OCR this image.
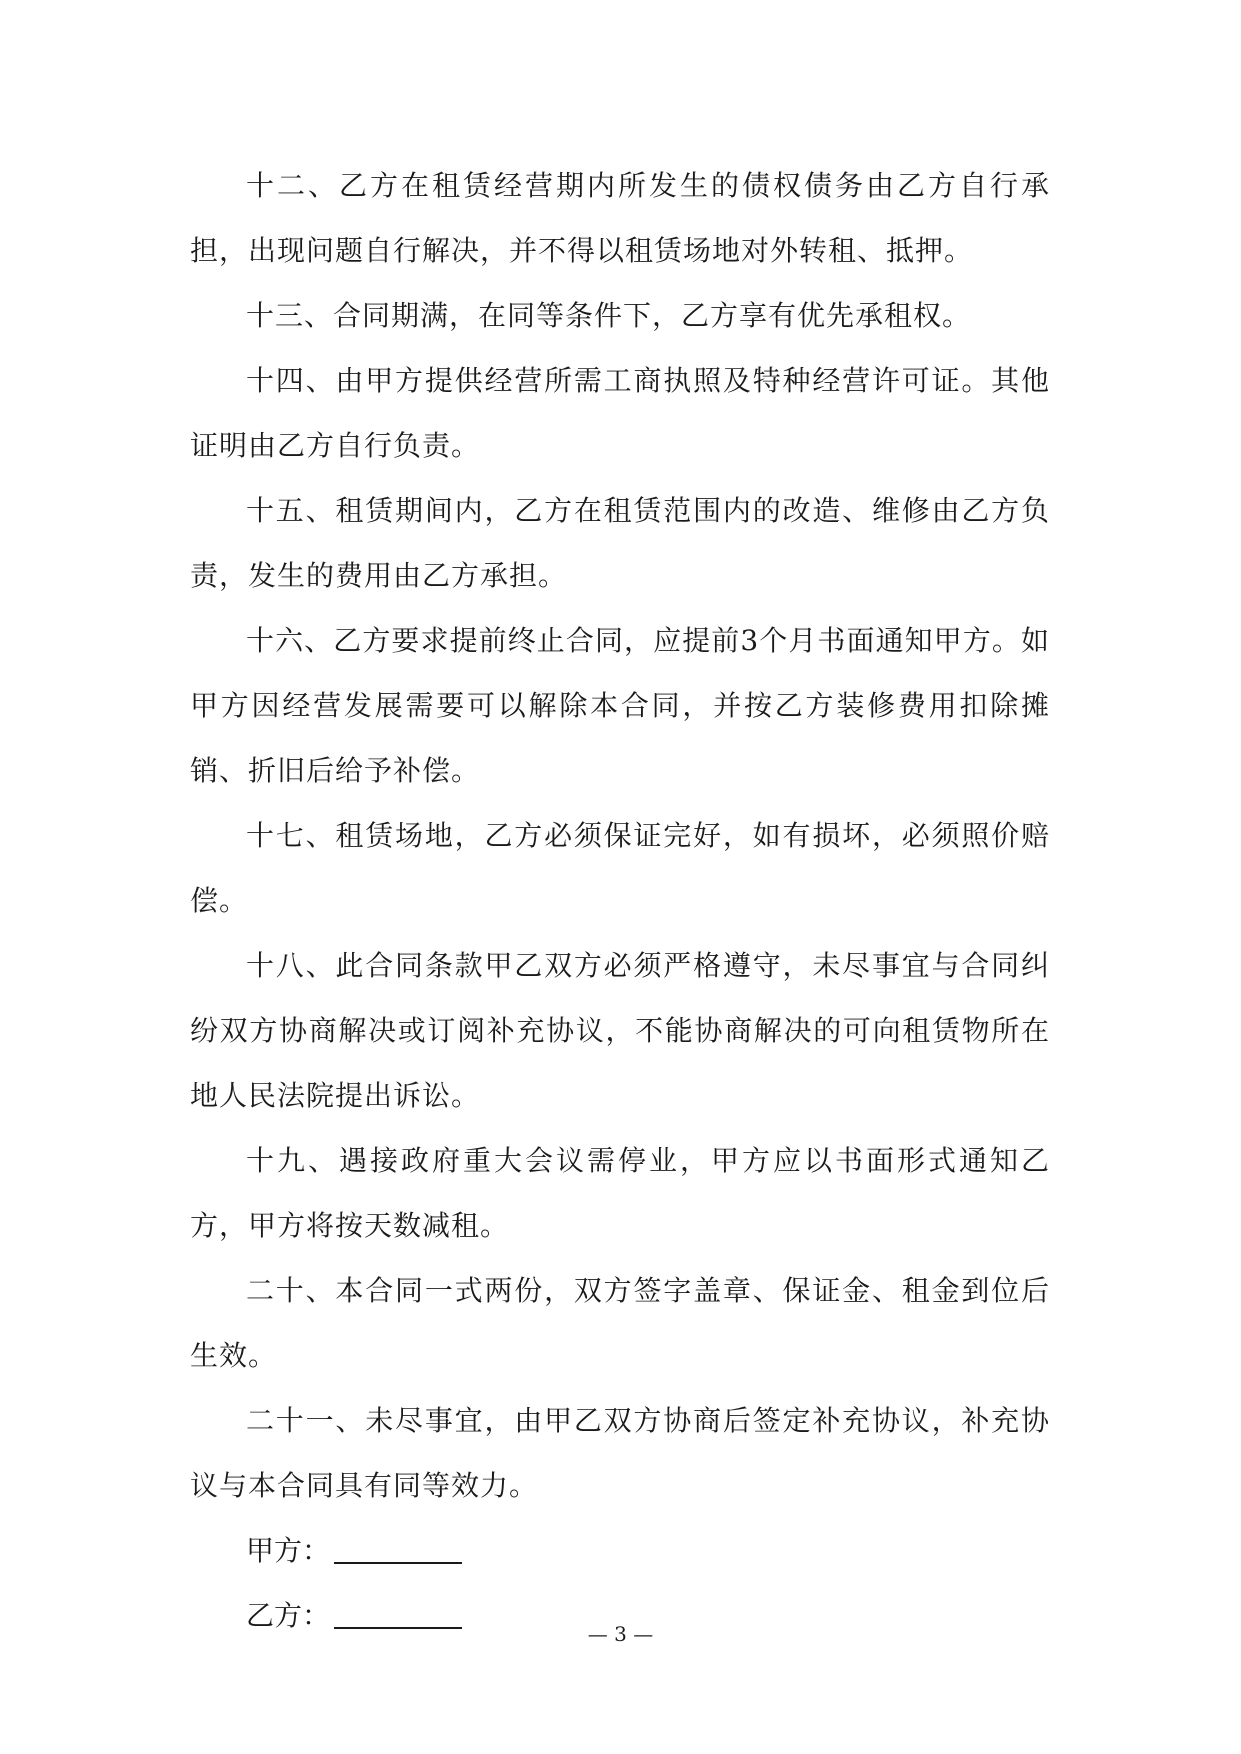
十二、乙方在租赁经营期内所发生的债权债务由乙方自行承担，出现问题自行解决，并不得以租赁场地对外转租、抵押。

十三、合同期满，在同等条件下，乙方享有优先承租权。

十四、由甲方提供经营所需工商执照及特种经营许可证。其他证明由乙方自行负责。

十五、租赁期间内，乙方在租赁范围内的改造、维修由乙方负责，发生的费用由乙方承担。

十六、乙方要求提前终止合同，应提前3个月书面通知甲方。如甲方因经营发展需要可以解除本合同，并按乙方装修费用扣除摊销、折旧后给予补偿。

十七、租赁场地，乙方必须保证完好，如有损坏，必须照价赔偿。

十八、此合同条款甲乙双方必须严格遵守，未尽事宜与合同纠纷双方协商解决或订阅补充协议，不能协商解决的可向租赁物所在地人民法院提出诉讼。

十九、遇接政府重大会议需停业，甲方应以书面形式通知乙方，甲方将按天数减租。

二十、本合同一式两份，双方签字盖章、保证金、租金到位后生效。

二十一、未尽事宜，由甲乙双方协商后签定补充协议，补充协议与本合同具有同等效力。

甲方：

乙方：

— 3 —
